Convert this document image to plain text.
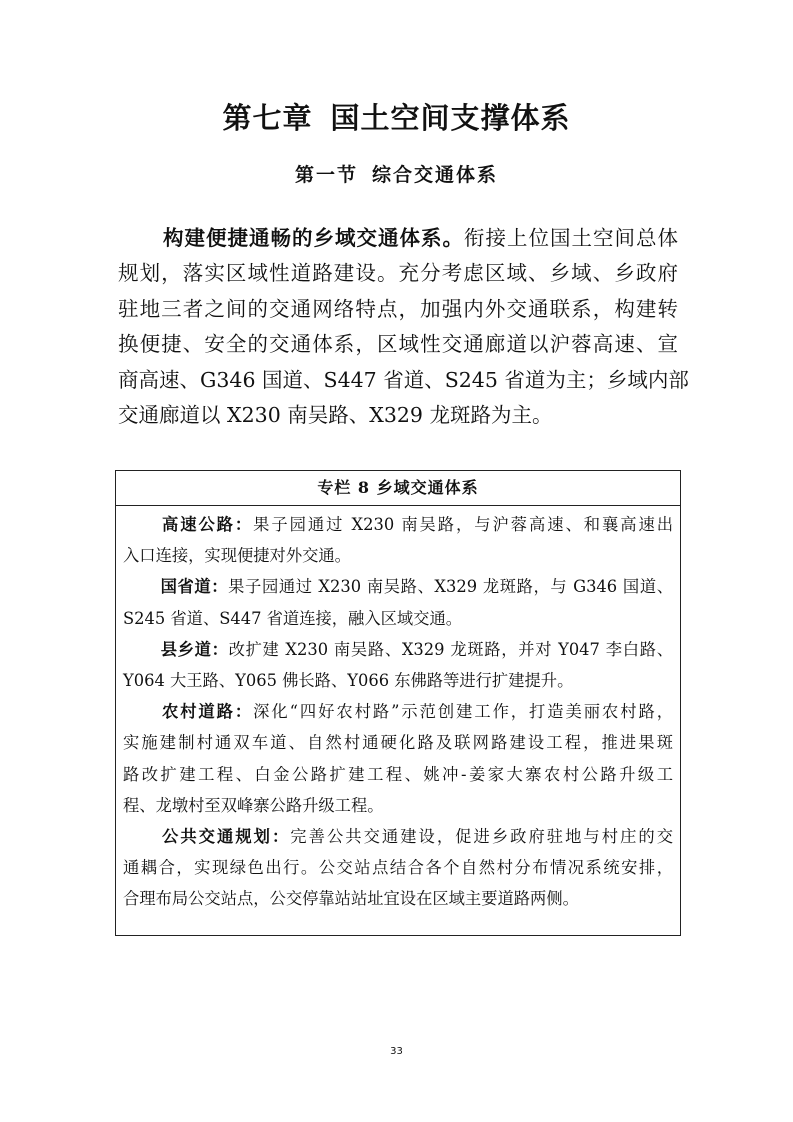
第七章 国土空间支撑体系
第一节 综合交通体系
构建便捷通畅的乡域交通体系。衔接上位国土空间总体
规划，落实区域性道路建设。充分考虑区域、乡域、乡政府
驻地三者之间的交通网络特点，加强内外交通联系，构建转
换便捷、安全的交通体系，区域性交通廊道以沪蓉高速、宣
商高速、G346 国道、S447 省道、S245 省道为主；乡域内部
交通廊道以 X230 南吴路、X329 龙斑路为主。
专栏 8 乡域交通体系
高速公路：果子园通过 X230 南吴路，与沪蓉高速、和襄高速出
入口连接，实现便捷对外交通。
国省道：果子园通过 X230 南吴路、X329 龙斑路，与 G346 国道、
S245 省道、S447 省道连接，融入区域交通。
县乡道：改扩建 X230 南吴路、X329 龙斑路，并对 Y047 李白路、
Y064 大王路、Y065 佛长路、Y066 东佛路等进行扩建提升。
农村道路：深化“四好农村路”示范创建工作，打造美丽农村路，
实施建制村通双车道、自然村通硬化路及联网路建设工程，推进果斑
路改扩建工程、白金公路扩建工程、姚冲-姜家大寨农村公路升级工
程、龙墩村至双峰寨公路升级工程。
公共交通规划：完善公共交通建设，促进乡政府驻地与村庄的交
通耦合，实现绿色出行。公交站点结合各个自然村分布情况系统安排，
合理布局公交站点，公交停靠站站址宜设在区域主要道路两侧。
33
